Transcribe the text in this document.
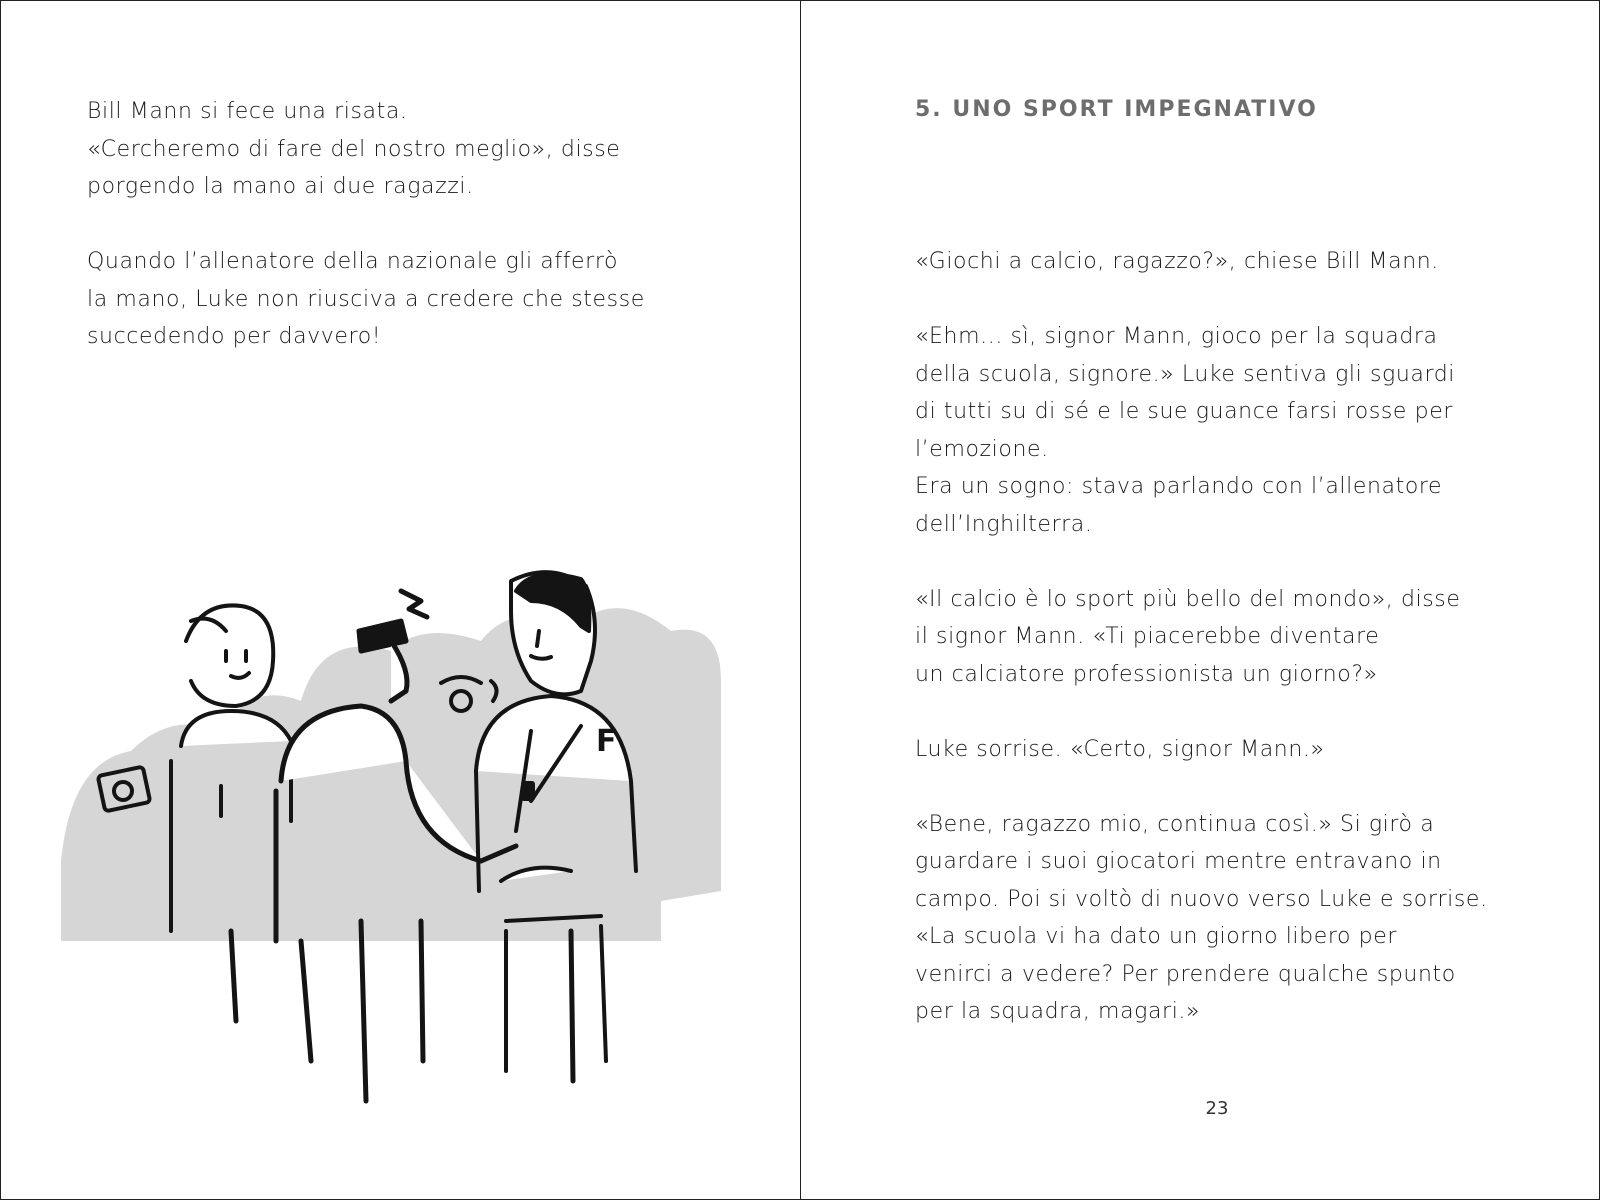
Bill Mann si fece una risata.
«Cercheremo di fare del nostro meglio», disse
porgendo la mano ai due ragazzi.

Quando l’allenatore della nazionale gli afferrò
la mano, Luke non riusciva a credere che stesse
succedendo per davvero!

F
5. UNO SPORT IMPEGNATIVO

«Giochi a calcio, ragazzo?», chiese Bill Mann.

«Ehm... sì, signor Mann, gioco per la squadra
della scuola, signore.» Luke sentiva gli sguardi
di tutti su di sé e le sue guance farsi rosse per
l’emozione.
Era un sogno: stava parlando con l’allenatore
dell’Inghilterra.

«Il calcio è lo sport più bello del mondo», disse
il signor Mann. «Ti piacerebbe diventare
un calciatore professionista un giorno?»

Luke sorrise. «Certo, signor Mann.»

«Bene, ragazzo mio, continua così.» Si girò a
guardare i suoi giocatori mentre entravano in
campo. Poi si voltò di nuovo verso Luke e sorrise.
«La scuola vi ha dato un giorno libero per
venirci a vedere? Per prendere qualche spunto
per la squadra, magari.»

23
